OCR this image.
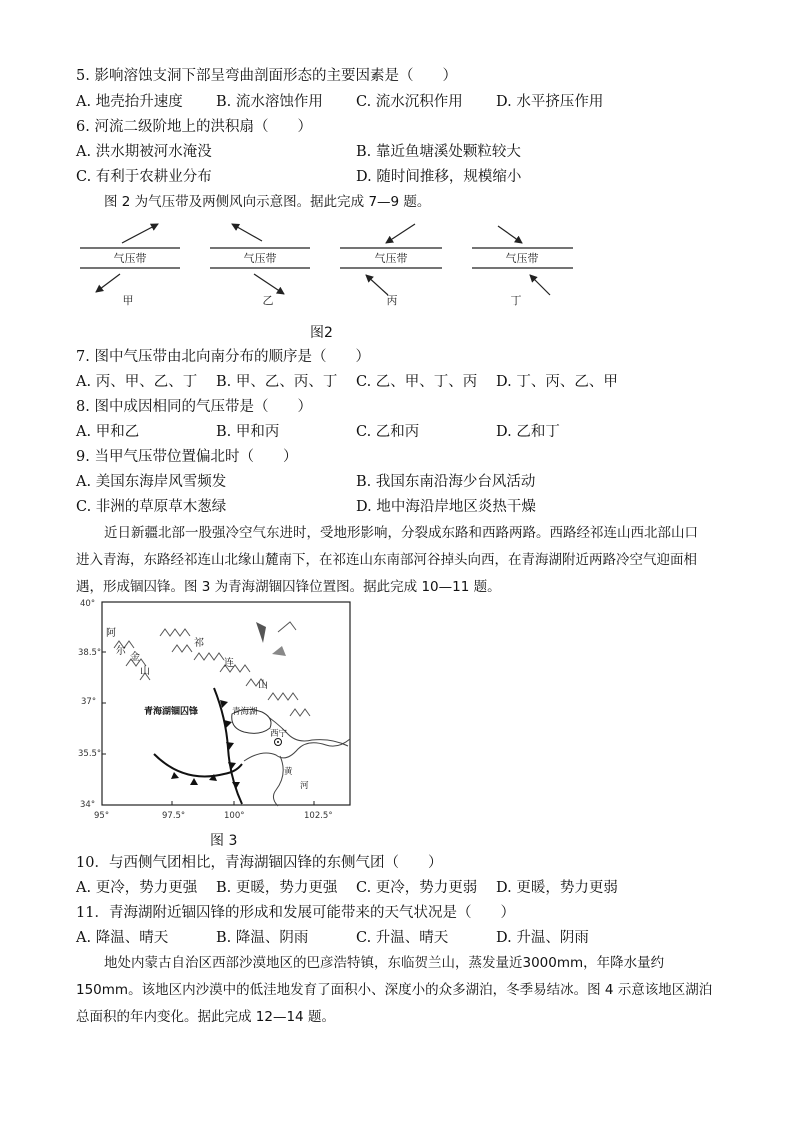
5. 影响溶蚀支洞下部呈弯曲剖面形态的主要因素是（　　）
A. 地壳抬升速度 B. 流水溶蚀作用 C. 流水沉积作用 D. 水平挤压作用
6. 河流二级阶地上的洪积扇（　　）
A. 洪水期被河水淹没	B. 靠近鱼塘溪处颗粒较大
C. 有利于农耕业分布	D. 随时间推移，规模缩小
图 2 为气压带及两侧风向示意图。据此完成 7—9 题。
气压带	气压带	气压带	气压带
甲	乙	丙	丁
图2
7. 图中气压带由北向南分布的顺序是（　　）
A. 丙、甲、乙、丁 B. 甲、乙、丙、丁 C. 乙、甲、丁、丙 D. 丁、丙、乙、甲
8. 图中成因相同的气压带是（　　）
A. 甲和乙	B. 甲和丙	C. 乙和丙	D. 乙和丁
9. 当甲气压带位置偏北时（　　）
A. 美国东海岸风雪频发	B. 我国东南沿海少台风活动
C. 非洲的草原草木葱绿	D. 地中海沿岸地区炎热干燥
近日新疆北部一股强冷空气东进时，受地形影响，分裂成东路和西路两路。西路经祁连山西北部山口
进入青海，东路经祁连山北缘山麓南下，在祁连山东南部河谷掉头向西，在青海湖附近两路冷空气迎面相
遇，形成锢囚锋。图 3 为青海湖锢囚锋位置图。据此完成 10—11 题。
40°
38.5°
37°
35.5°
34°
95°	97.5°	100°	102.5°
阿
尔
金
山
祁
连
山
青海湖锢囚锋	青海湖
西宁
黄
河
图 3
10．与西侧气团相比，青海湖锢囚锋的东侧气团（　　）
A. 更冷，势力更强 B. 更暖，势力更强 C. 更冷，势力更弱 D. 更暖，势力更弱
11．青海湖附近锢囚锋的形成和发展可能带来的天气状况是（　　）
A. 降温、晴天	B. 降温、阴雨	C. 升温、晴天	D. 升温、阴雨
地处内蒙古自治区西部沙漠地区的巴彦浩特镇，东临贺兰山，蒸发量近3000mm，年降水量约
150mm。该地区内沙漠中的低洼地发育了面积小、深度小的众多湖泊，冬季易结冰。图 4 示意该地区湖泊
总面积的年内变化。据此完成 12—14 题。
